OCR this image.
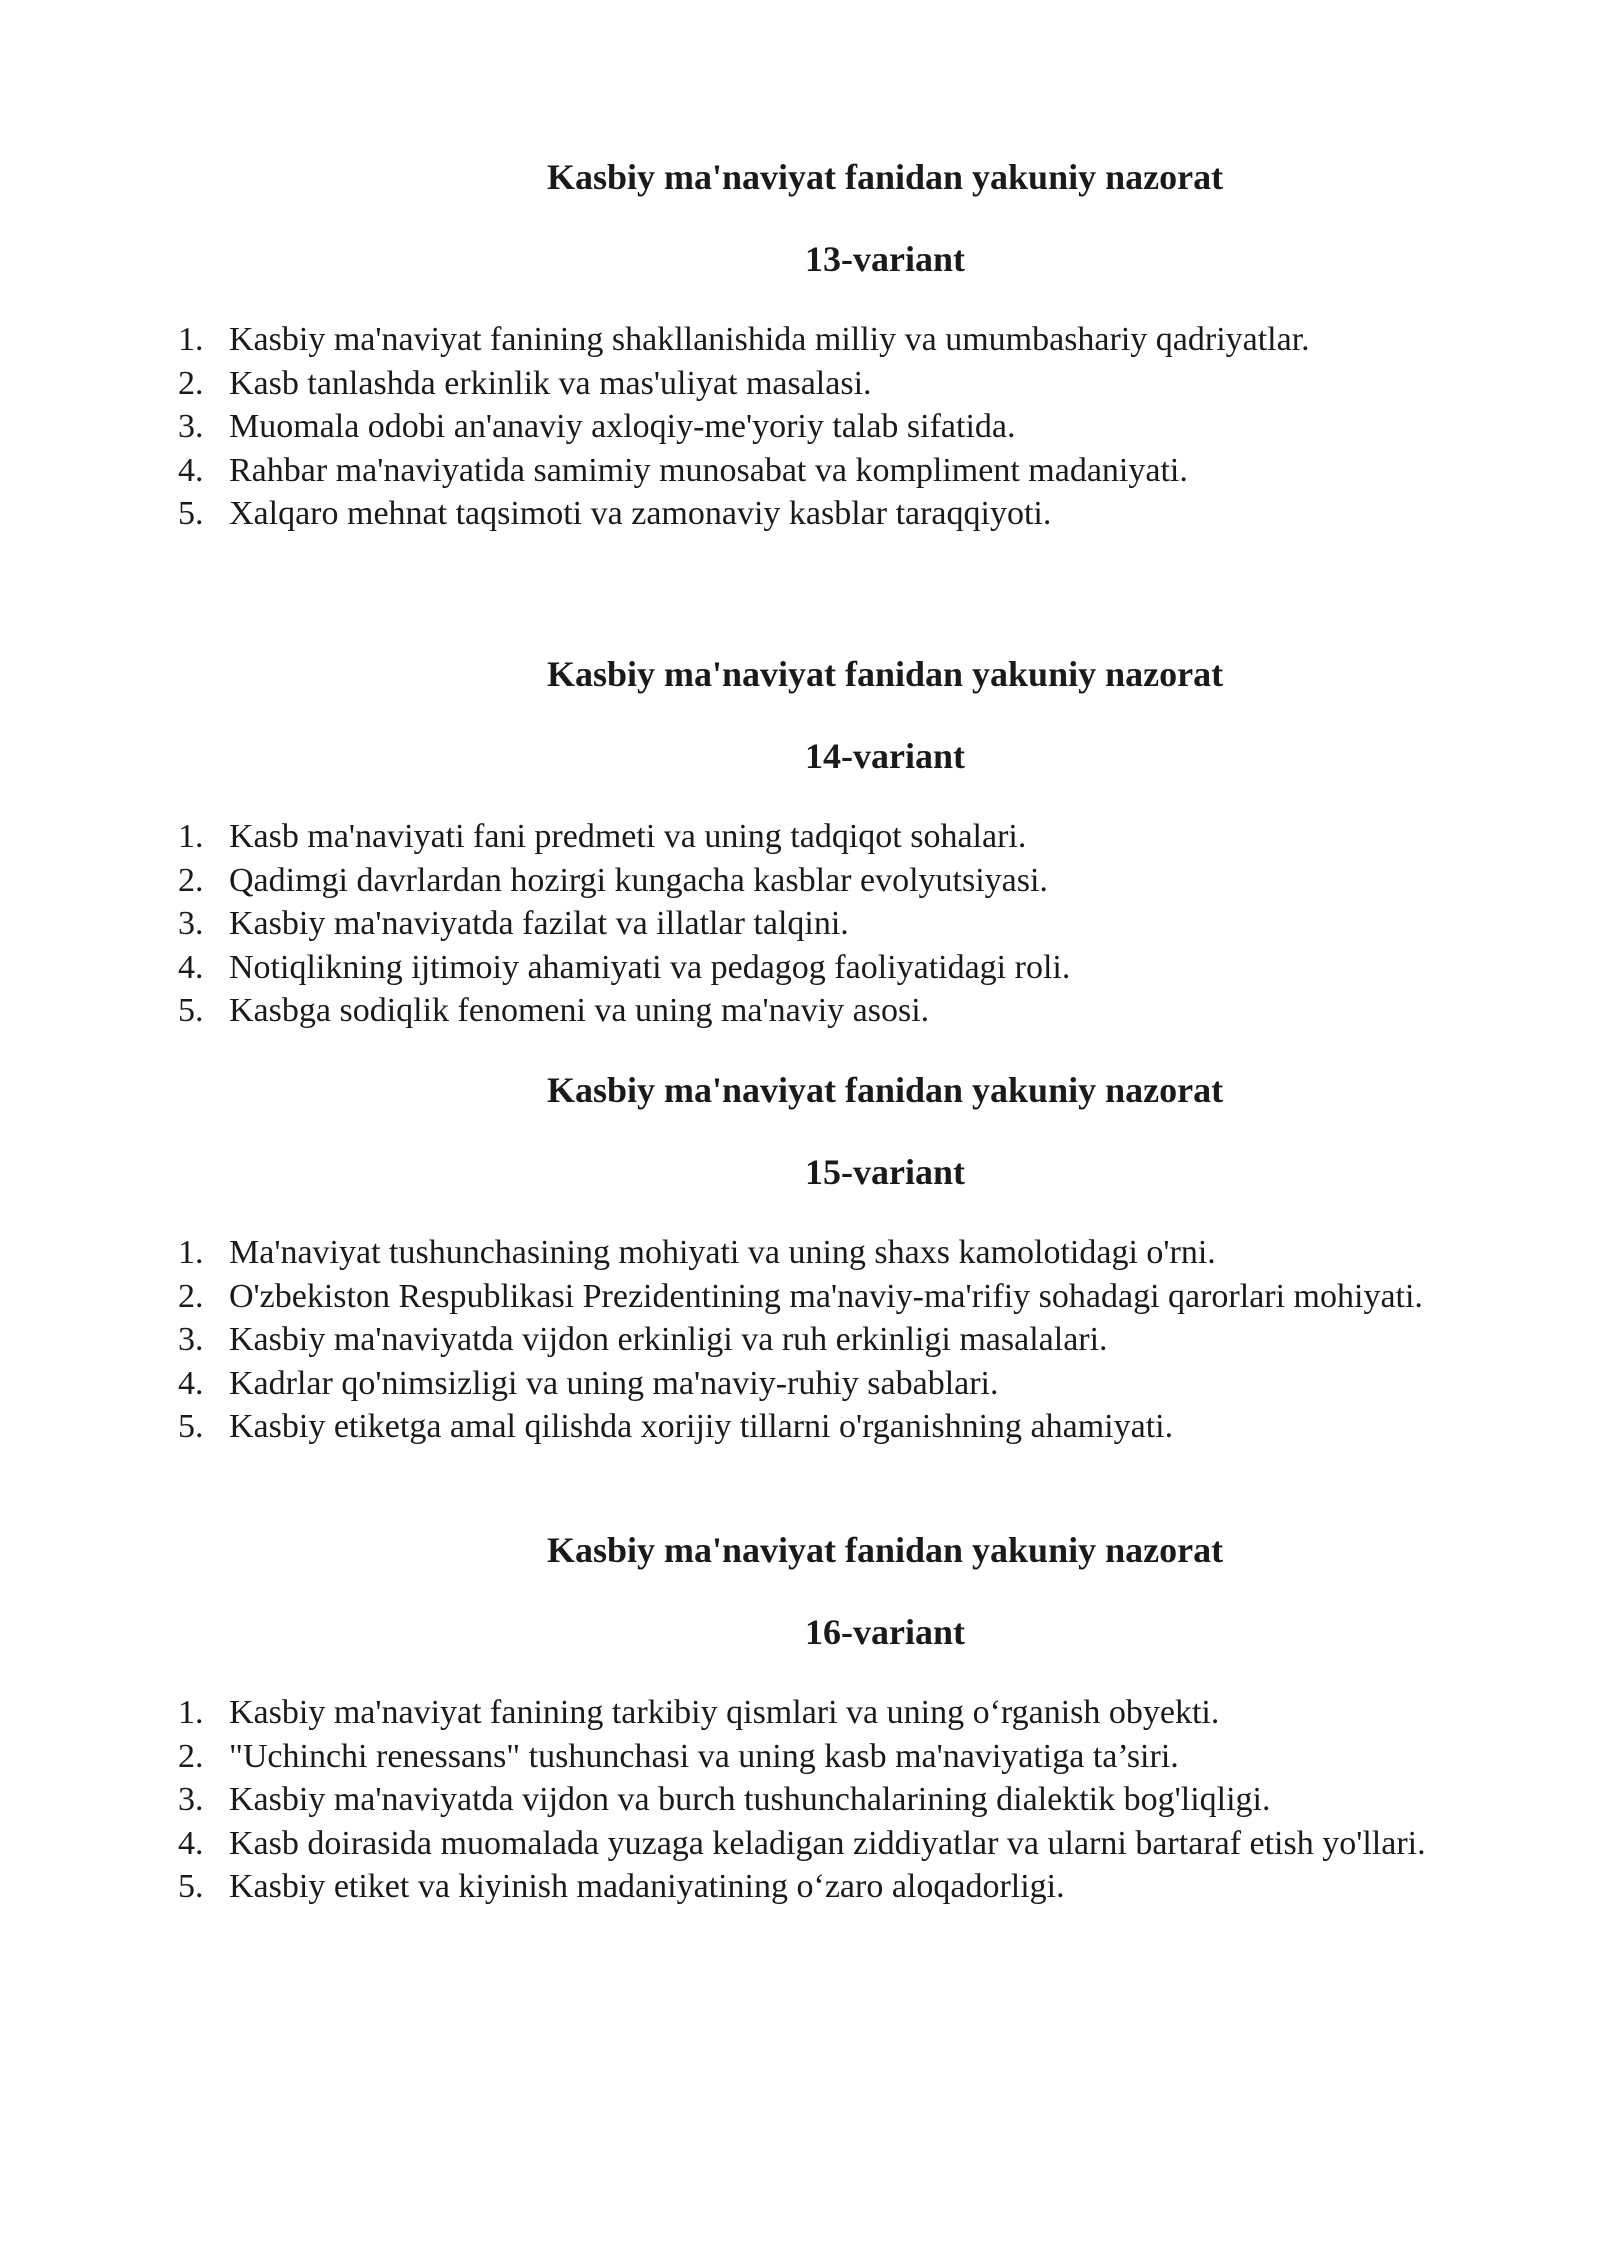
Kasbiy ma'naviyat fanidan yakuniy nazorat
13-variant
1. Kasbiy ma'naviyat fanining shakllanishida milliy va umumbashariy qadriyatlar.
2. Kasb tanlashda erkinlik va mas'uliyat masalasi.
3. Muomala odobi an'anaviy axloqiy-me'yoriy talab sifatida.
4. Rahbar ma'naviyatida samimiy munosabat va kompliment madaniyati.
5. Xalqaro mehnat taqsimoti va zamonaviy kasblar taraqqiyoti.
Kasbiy ma'naviyat fanidan yakuniy nazorat
14-variant
1. Kasb ma'naviyati fani predmeti va uning tadqiqot sohalari.
2. Qadimgi davrlardan hozirgi kungacha kasblar evolyutsiyasi.
3. Kasbiy ma'naviyatda fazilat va illatlar talqini.
4. Notiqlikning ijtimoiy ahamiyati va pedagog faoliyatidagi roli.
5. Kasbga sodiqlik fenomeni va uning ma'naviy asosi.
Kasbiy ma'naviyat fanidan yakuniy nazorat
15-variant
1. Ma'naviyat tushunchasining mohiyati va uning shaxs kamolotidagi o'rni.
2. O'zbekiston Respublikasi Prezidentining ma'naviy-ma'rifiy sohadagi qarorlari mohiyati.
3. Kasbiy ma'naviyatda vijdon erkinligi va ruh erkinligi masalalari.
4. Kadrlar qo'nimsizligi va uning ma'naviy-ruhiy sabablari.
5. Kasbiy etiketga amal qilishda xorijiy tillarni o'rganishning ahamiyati.
Kasbiy ma'naviyat fanidan yakuniy nazorat
16-variant
1. Kasbiy ma'naviyat fanining tarkibiy qismlari va uning o‘rganish obyekti.
2. "Uchinchi renessans" tushunchasi va uning kasb ma'naviyatiga ta’siri.
3. Kasbiy ma'naviyatda vijdon va burch tushunchalarining dialektik bog'liqligi.
4. Kasb doirasida muomalada yuzaga keladigan ziddiyatlar va ularni bartaraf etish yo'llari.
5. Kasbiy etiket va kiyinish madaniyatining o‘zaro aloqadorligi.
